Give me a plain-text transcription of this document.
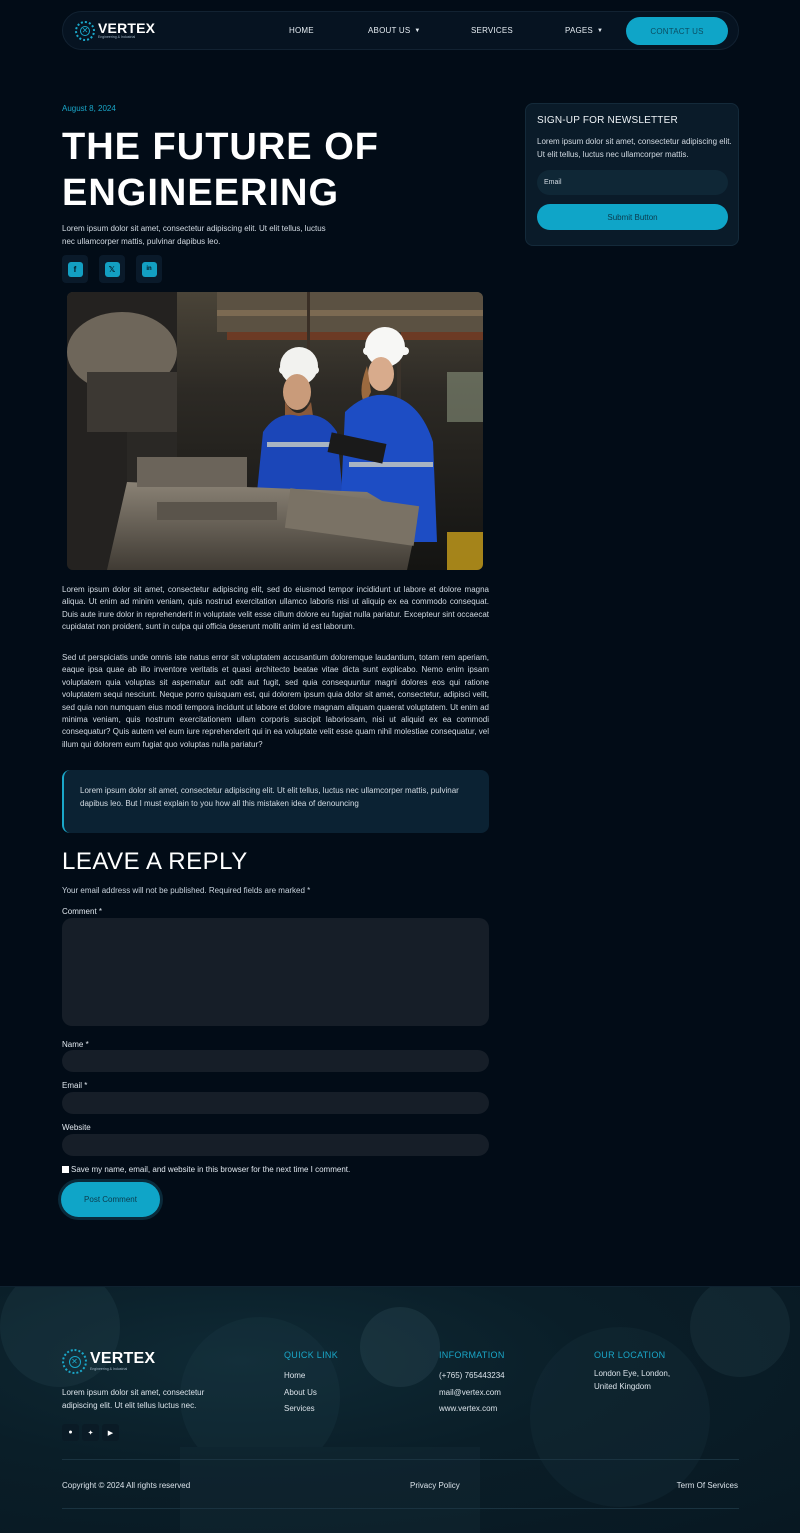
✕ VERTEX
Engineering & Industrial
HOME	ABOUT US ▼	SERVICES	PAGES ▼	CONTACT US
August 8, 2024
THE FUTURE OF
ENGINEERING
Lorem ipsum dolor sit amet, consectetur adipiscing elit. Ut elit tellus, luctus nec ullamcorper mattis, pulvinar dapibus leo.
f	𝕏	in
Lorem ipsum dolor sit amet, consectetur adipiscing elit, sed do eiusmod tempor incididunt ut labore et dolore magna aliqua. Ut enim ad minim veniam, quis nostrud exercitation ullamco laboris nisi ut aliquip ex ea commodo consequat. Duis aute irure dolor in reprehenderit in voluptate velit esse cillum dolore eu fugiat nulla pariatur. Excepteur sint occaecat cupidatat non proident, sunt in culpa qui officia deserunt mollit anim id est laborum.
Sed ut perspiciatis unde omnis iste natus error sit voluptatem accusantium doloremque laudantium, totam rem aperiam, eaque ipsa quae ab illo inventore veritatis et quasi architecto beatae vitae dicta sunt explicabo. Nemo enim ipsam voluptatem quia voluptas sit aspernatur aut odit aut fugit, sed quia consequuntur magni dolores eos qui ratione voluptatem sequi nesciunt. Neque porro quisquam est, qui dolorem ipsum quia dolor sit amet, consectetur, adipisci velit, sed quia non numquam eius modi tempora incidunt ut labore et dolore magnam aliquam quaerat voluptatem. Ut enim ad minima veniam, quis nostrum exercitationem ullam corporis suscipit laboriosam, nisi ut aliquid ex ea commodi consequatur? Quis autem vel eum iure reprehenderit qui in ea voluptate velit esse quam nihil molestiae consequatur, vel illum qui dolorem eum fugiat quo voluptas nulla pariatur?
Lorem ipsum dolor sit amet, consectetur adipiscing elit. Ut elit tellus, luctus nec ullamcorper mattis, pulvinar dapibus leo. But I must explain to you how all this mistaken idea of denouncing
LEAVE A REPLY
Your email address will not be published. Required fields are marked *
Comment *
Name *
Email *
Website
Save my name, email, and website in this browser for the next time I comment.
Post Comment
SIGN-UP FOR NEWSLETTER
Lorem ipsum dolor sit amet, consectetur adipiscing elit. Ut elit tellus, luctus nec ullamcorper mattis.
Email
Submit Button
✕ VERTEX
Engineering & Industrial
Lorem ipsum dolor sit amet, consectetur adipiscing elit. Ut elit tellus luctus nec.
● ✦ ▶
QUICK LINK
Home
About Us
Services
INFORMATION
(+765) 765443234
mail@vertex.com
www.vertex.com
OUR LOCATION
London Eye, London, United Kingdom
Copyright © 2024 All rights reserved	Privacy Policy	Term Of Services
